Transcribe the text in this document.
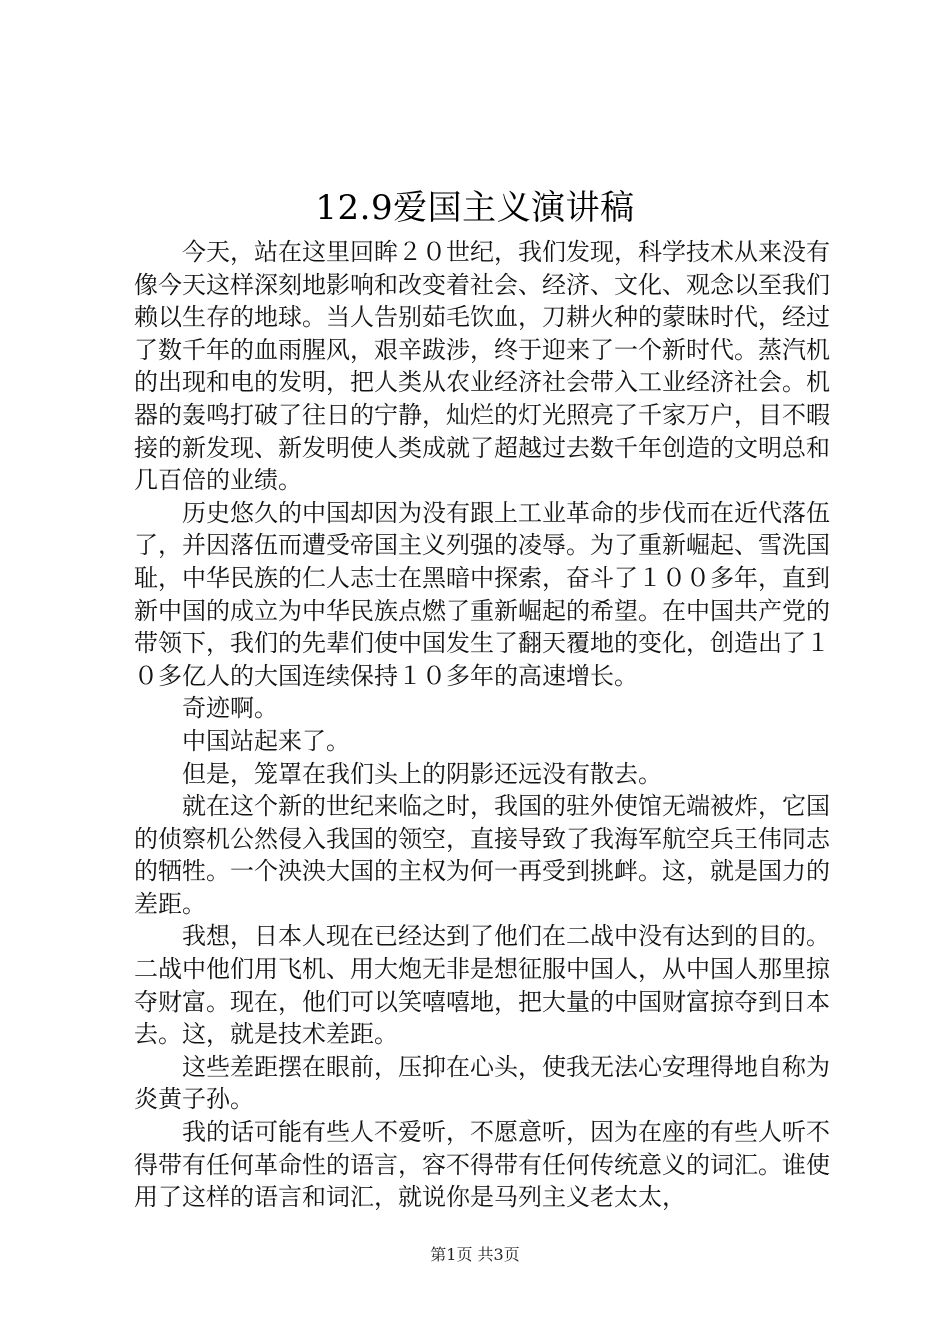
12.9爱国主义演讲稿

今天，站在这里回眸２０世纪，我们发现，科学技术从来没有像今天这样深刻地影响和改变着社会、经济、文化、观念以至我们赖以生存的地球。当人告别茹毛饮血，刀耕火种的蒙昧时代，经过了数千年的血雨腥风，艰辛跋涉，终于迎来了一个新时代。蒸汽机的出现和电的发明，把人类从农业经济社会带入工业经济社会。机器的轰鸣打破了往日的宁静，灿烂的灯光照亮了千家万户，目不暇接的新发现、新发明使人类成就了超越过去数千年创造的文明总和几百倍的业绩。

历史悠久的中国却因为没有跟上工业革命的步伐而在近代落伍了，并因落伍而遭受帝国主义列强的凌辱。为了重新崛起、雪洗国耻，中华民族的仁人志士在黑暗中探索，奋斗了１００多年，直到新中国的成立为中华民族点燃了重新崛起的希望。在中国共产党的带领下，我们的先辈们使中国发生了翻天覆地的变化，创造出了１０多亿人的大国连续保持１０多年的高速增长。

奇迹啊。

中国站起来了。

但是，笼罩在我们头上的阴影还远没有散去。

就在这个新的世纪来临之时，我国的驻外使馆无端被炸，它国的侦察机公然侵入我国的领空，直接导致了我海军航空兵王伟同志的牺牲。一个泱泱大国的主权为何一再受到挑衅。这，就是国力的差距。

我想，日本人现在已经达到了他们在二战中没有达到的目的。二战中他们用飞机、用大炮无非是想征服中国人，从中国人那里掠夺财富。现在，他们可以笑嘻嘻地，把大量的中国财富掠夺到日本去。这，就是技术差距。

这些差距摆在眼前，压抑在心头，使我无法心安理得地自称为炎黄子孙。

我的话可能有些人不爱听，不愿意听，因为在座的有些人听不得带有任何革命性的语言，容不得带有任何传统意义的词汇。谁使用了这样的语言和词汇，就说你是马列主义老太太，

第1页 共3页
